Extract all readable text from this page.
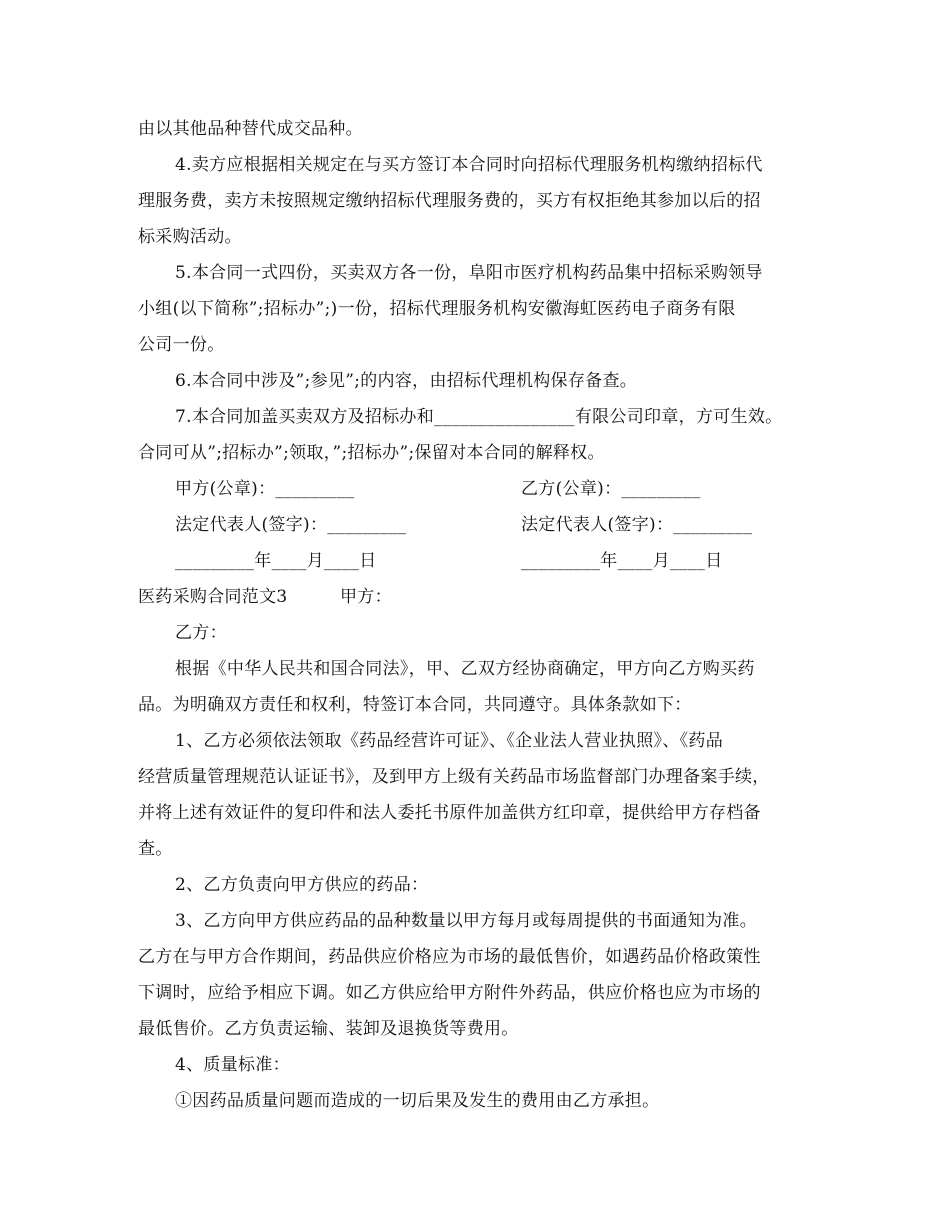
由以其他品种替代成交品种。
4.卖方应根据相关规定在与买方签订本合同时向招标代理服务机构缴纳招标代
理服务费，卖方未按照规定缴纳招标代理服务费的，买方有权拒绝其参加以后的招
标采购活动。
5.本合同一式四份，买卖双方各一份，阜阳市医疗机构药品集中招标采购领导
小组(以下简称”;招标办”;)一份，招标代理服务机构安徽海虹医药电子商务有限
公司一份。
6.本合同中涉及”;参见”;的内容，由招标代理机构保存备查。
7.本合同加盖买卖双方及招标办和________________有限公司印章，方可生效。
合同可从”;招标办”;领取，”;招标办”;保留对本合同的解释权。
甲方(公章)：_________	乙方(公章)：_________
法定代表人(签字)：_________	法定代表人(签字)：_________
_________年____月____日	_________年____月____日
医药采购合同范文3	甲方：
乙方：
根据《中华人民共和国合同法》，甲、乙双方经协商确定，甲方向乙方购买药
品。为明确双方责任和权利，特签订本合同，共同遵守。具体条款如下：
1、乙方必须依法领取《药品经营许可证》、《企业法人营业执照》、《药品
经营质量管理规范认证证书》，及到甲方上级有关药品市场监督部门办理备案手续，
并将上述有效证件的复印件和法人委托书原件加盖供方红印章，提供给甲方存档备
查。
2、乙方负责向甲方供应的药品：
3、乙方向甲方供应药品的品种数量以甲方每月或每周提供的书面通知为准。
乙方在与甲方合作期间，药品供应价格应为市场的最低售价，如遇药品价格政策性
下调时，应给予相应下调。如乙方供应给甲方附件外药品，供应价格也应为市场的
最低售价。乙方负责运输、装卸及退换货等费用。
4、质量标准：
①因药品质量问题而造成的一切后果及发生的费用由乙方承担。
